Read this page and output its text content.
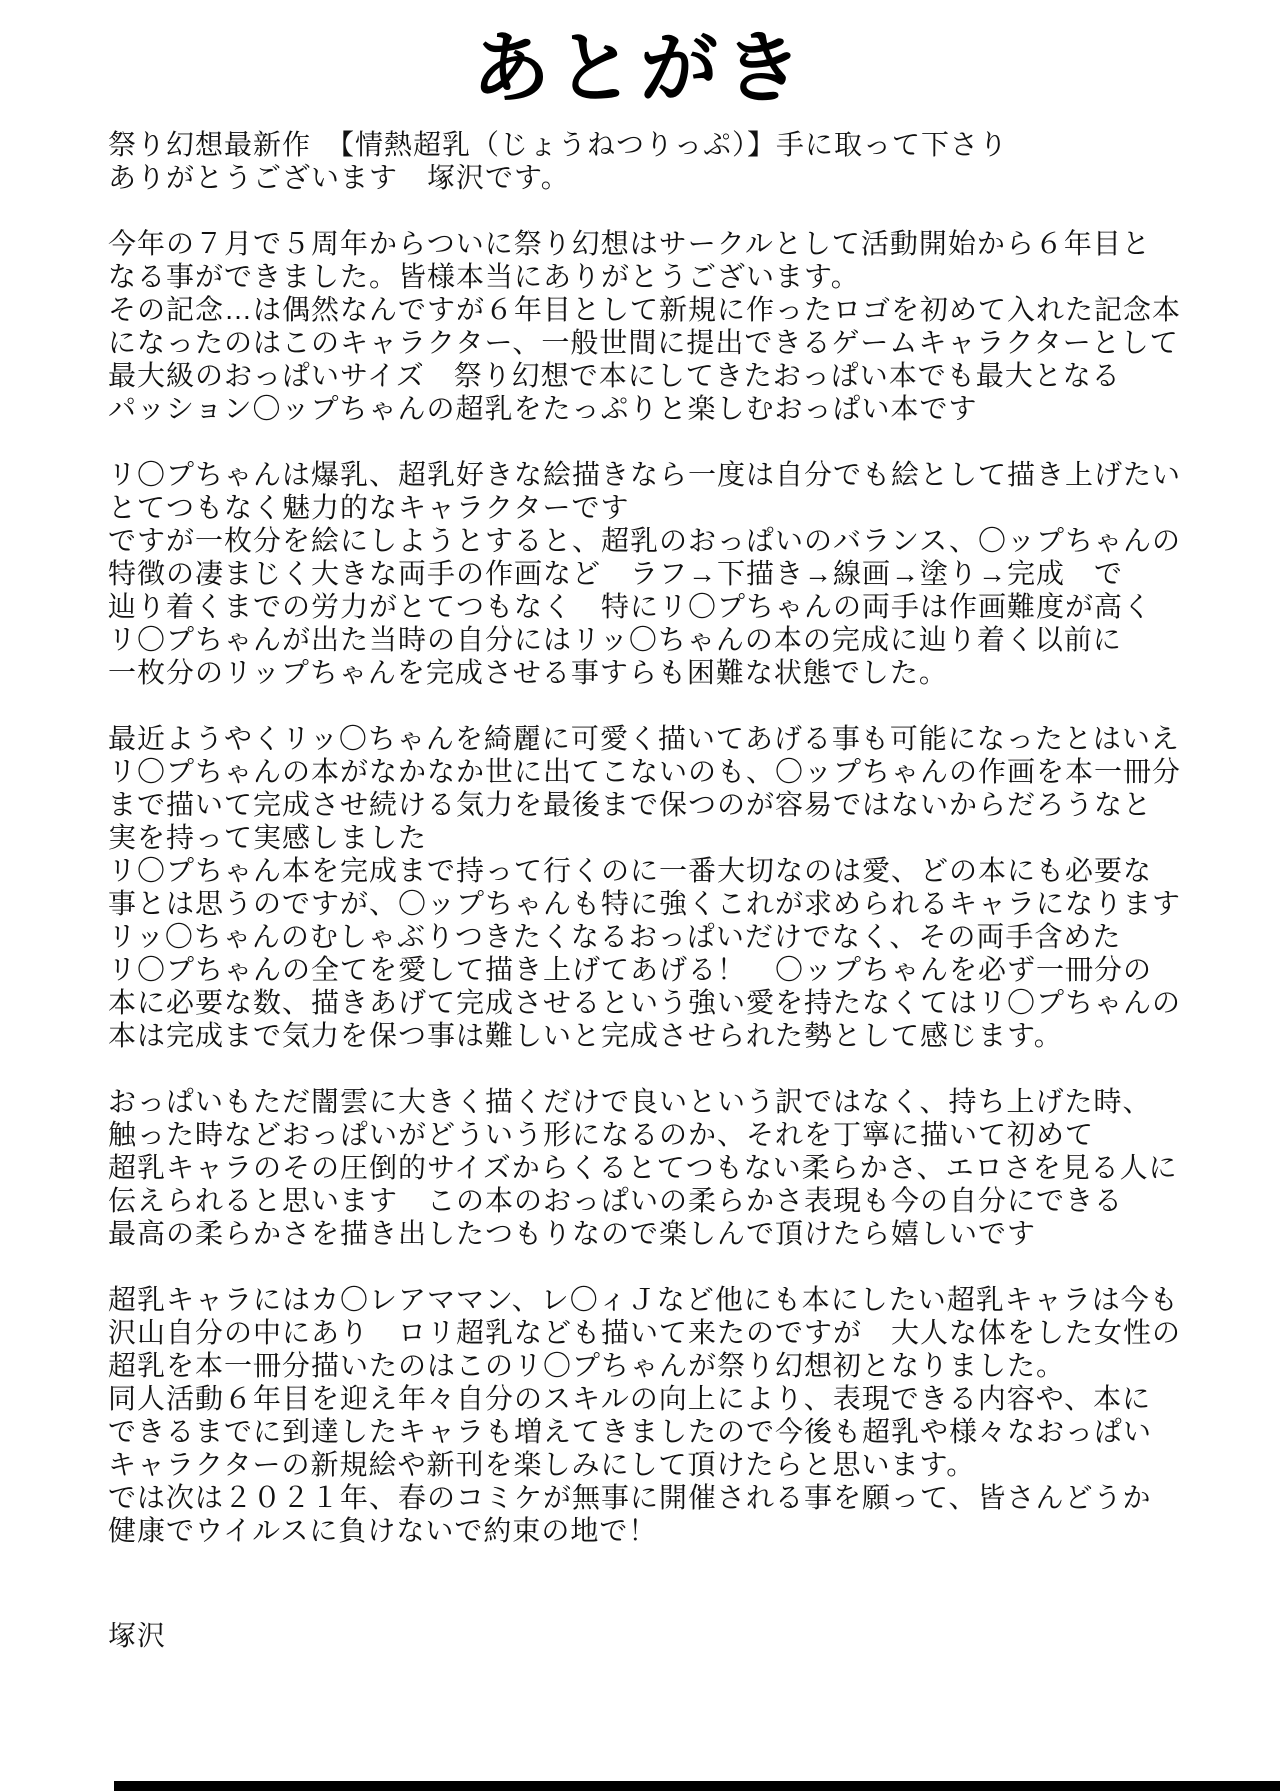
あとがき
祭り幻想最新作　【情熱超乳（じょうねつりっぷ）】手に取って下さり
ありがとうございます　塚沢です。
今年の７月で５周年からついに祭り幻想はサークルとして活動開始から６年目と
なる事ができました。皆様本当にありがとうございます。
その記念…は偶然なんですが６年目として新規に作ったロゴを初めて入れた記念本
になったのはこのキャラクター、一般世間に提出できるゲームキャラクターとして
最大級のおっぱいサイズ　祭り幻想で本にしてきたおっぱい本でも最大となる
パッション〇ップちゃんの超乳をたっぷりと楽しむおっぱい本です
リ〇プちゃんは爆乳、超乳好きな絵描きなら一度は自分でも絵として描き上げたい
とてつもなく魅力的なキャラクターです
ですが一枚分を絵にしようとすると、超乳のおっぱいのバランス、〇ップちゃんの
特徴の凄まじく大きな両手の作画など　ラフ→下描き→線画→塗り→完成　で
辿り着くまでの労力がとてつもなく　特にリ〇プちゃんの両手は作画難度が高く
リ〇プちゃんが出た当時の自分にはリッ〇ちゃんの本の完成に辿り着く以前に
一枚分のリップちゃんを完成させる事すらも困難な状態でした。
最近ようやくリッ〇ちゃんを綺麗に可愛く描いてあげる事も可能になったとはいえ
リ〇プちゃんの本がなかなか世に出てこないのも、〇ップちゃんの作画を本一冊分
まで描いて完成させ続ける気力を最後まで保つのが容易ではないからだろうなと
実を持って実感しました
リ〇プちゃん本を完成まで持って行くのに一番大切なのは愛、どの本にも必要な
事とは思うのですが、〇ップちゃんも特に強くこれが求められるキャラになります
リッ〇ちゃんのむしゃぶりつきたくなるおっぱいだけでなく、その両手含めた
リ〇プちゃんの全てを愛して描き上げてあげる！　〇ップちゃんを必ず一冊分の
本に必要な数、描きあげて完成させるという強い愛を持たなくてはリ〇プちゃんの
本は完成まで気力を保つ事は難しいと完成させられた勢として感じます。
おっぱいもただ闇雲に大きく描くだけで良いという訳ではなく、持ち上げた時、
触った時などおっぱいがどういう形になるのか、それを丁寧に描いて初めて
超乳キャラのその圧倒的サイズからくるとてつもない柔らかさ、エロさを見る人に
伝えられると思います　この本のおっぱいの柔らかさ表現も今の自分にできる
最高の柔らかさを描き出したつもりなので楽しんで頂けたら嬉しいです
超乳キャラにはカ〇レアママン、レ〇ィＪなど他にも本にしたい超乳キャラは今も
沢山自分の中にあり　ロリ超乳なども描いて来たのですが　大人な体をした女性の
超乳を本一冊分描いたのはこのリ〇プちゃんが祭り幻想初となりました。
同人活動６年目を迎え年々自分のスキルの向上により、表現できる内容や、本に
できるまでに到達したキャラも増えてきましたので今後も超乳や様々なおっぱい
キャラクターの新規絵や新刊を楽しみにして頂けたらと思います。
では次は２０２１年、春のコミケが無事に開催される事を願って、皆さんどうか
健康でウイルスに負けないで約束の地で！
塚沢
